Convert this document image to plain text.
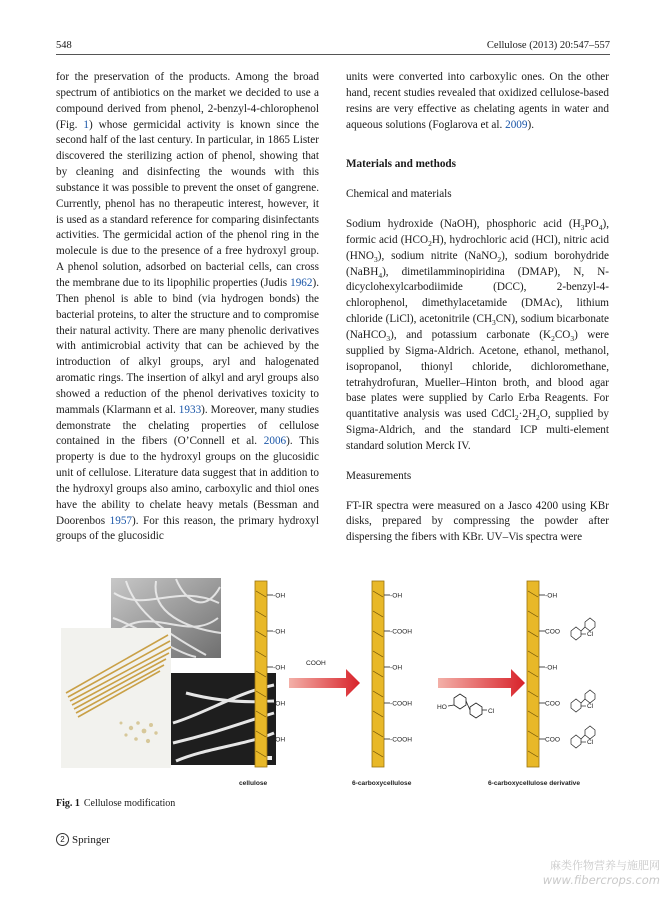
548	Cellulose (2013) 20:547–557

for the preservation of the products. Among the broad spectrum of antibiotics on the market we decided to use a compound derived from phenol, 2-benzyl-4-chlorophenol (Fig. 1) whose germicidal activity is known since the second half of the last century. In particular, in 1865 Lister discovered the sterilizing action of phenol, showing that by cleaning and disinfecting the wounds with this substance it was possible to prevent the onset of gangrene. Currently, phenol has no therapeutic interest, however, it is used as a standard reference for comparing disinfectants activities. The germicidal action of the phenol ring in the molecule is due to the presence of a free hydroxyl group. A phenol solution, adsorbed on bacterial cells, can cross the membrane due to its lipophilic properties (Judis 1962). Then phenol is able to bind (via hydrogen bonds) the bacterial proteins, to alter the structure and to compromise their natural activity. There are many phenolic derivatives with antimicrobial activity that can be achieved by the introduction of alkyl groups, aryl and halogenated aromatic rings. The insertion of alkyl and aryl groups also showed a reduction of the phenol derivatives toxicity to mammals (Klarmann et al. 1933). Moreover, many studies demonstrate the chelating properties of cellulose contained in the fibers (O’Connell et al. 2006). This property is due to the hydroxyl groups on the glucosidic unit of cellulose. Literature data suggest that in addition to the hydroxyl groups also amino, carboxylic and thiol ones have the ability to chelate heavy metals (Bessman and Doorenbos 1957). For this reason, the primary hydroxyl groups of the glucosidic

units were converted into carboxylic ones. On the other hand, recent studies revealed that oxidized cellulose-based resins are very effective as chelating agents in water and aqueous solutions (Foglarova et al. 2009).

Materials and methods

Chemical and materials

Sodium hydroxide (NaOH), phosphoric acid $(H_3PO_4)$, formic acid $(HCO_2H)$, hydrochloric acid (HCl), nitric acid $(HNO_3)$, sodium nitrite (NaNO$_2$), sodium borohydride (NaBH$_4$), dimetilamminopiridina (DMAP), N, N-dicyclohexylcarbodiimide (DCC), 2-benzyl-4-chlorophenol, dimethylacetamide (DMAc), lithium chloride (LiCl), acetonitrile $(CH_3CN)$, sodium bicarbonate (NaHCO$_3$), and potassium carbonate $(K_2CO_3)$ were supplied by Sigma-Aldrich. Acetone, ethanol, methanol, isopropanol, thionyl chloride, dichloromethane, tetrahydrofuran, Mueller–Hinton broth, and blood agar base plates were supplied by Carlo Erba Reagents. For quantitative analysis was used $CdCl_2\cdot 2H_2O$, supplied by Sigma-Aldrich, and the standard ICP multi-element standard solution Merck IV.

Measurements

FT-IR spectra were measured on a Jasco 4200 using KBr disks, prepared by compressing the powder after dispersing the fibers with KBr. UV–Vis spectra were

-OH
-OH
-OH
-OH
-OH
-OH
-COOH
-OH
-COOH
-COOH
-OH
COO	Cl
-OH
COO	Cl
COO	Cl
COOH
HO
Cl
cellulose	6-carboxycellulose	6-carboxycellulose derivative
Fig. 1 Cellulose modification
2 Springer
麻类作物营养与施肥网
www.fibercrops.com
